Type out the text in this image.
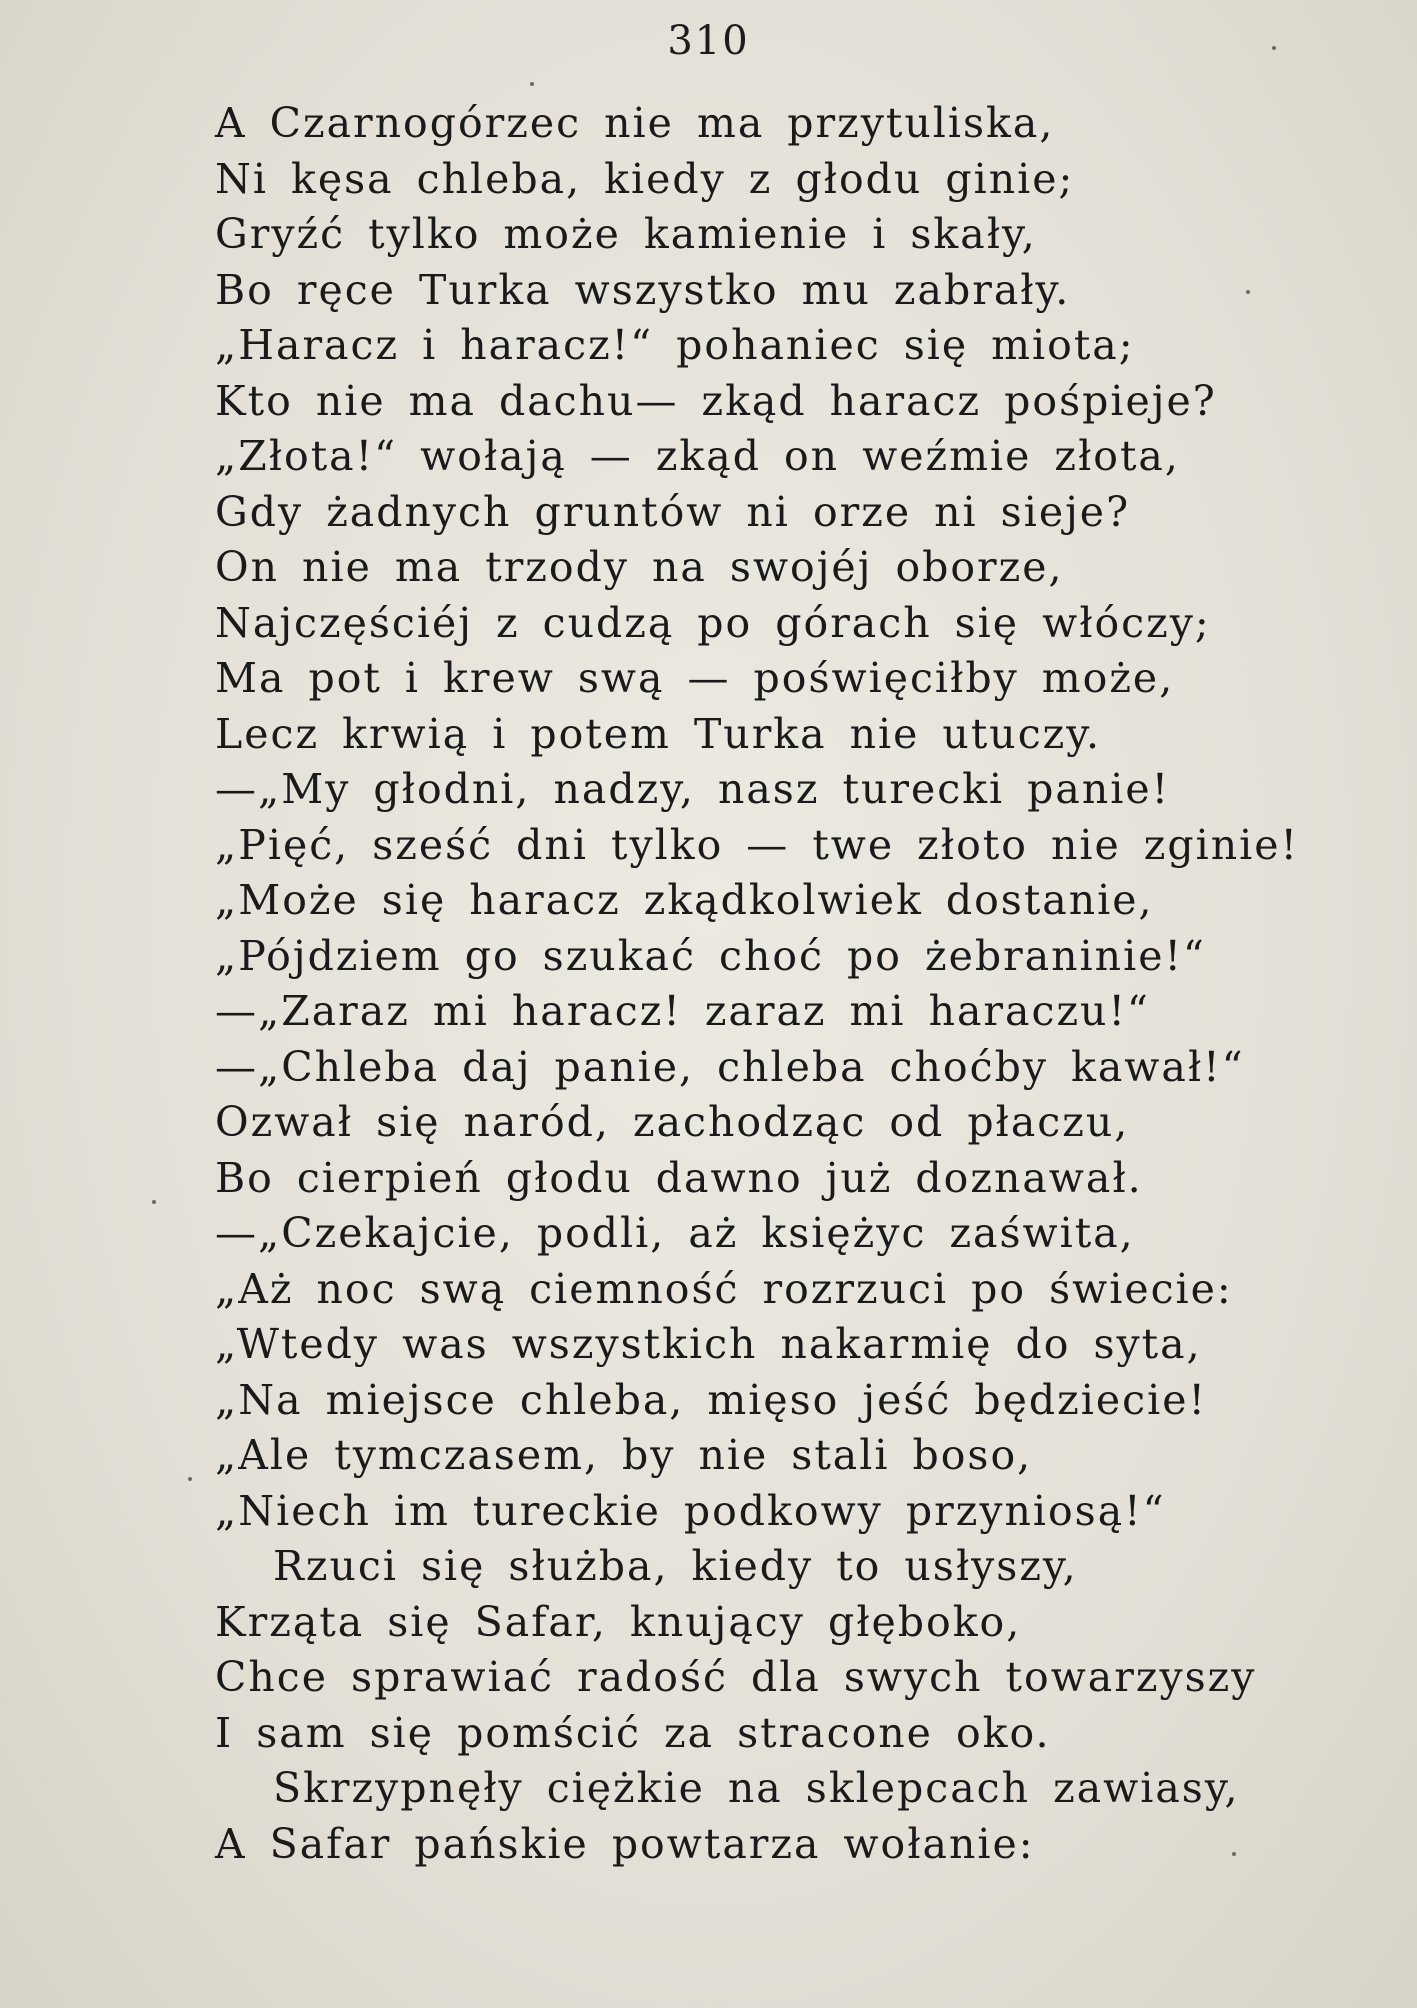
310
A Czarnogórzec nie ma przytuliska,
Ni kęsa chleba, kiedy z głodu ginie;
Gryźć tylko może kamienie i skały,
Bo ręce Turka wszystko mu zabrały.
„Haracz i haracz!“ pohaniec się miota;
Kto nie ma dachu— zkąd haracz pośpieje?
„Złota!“ wołają — zkąd on weźmie złota,
Gdy żadnych gruntów ni orze ni sieje?
On nie ma trzody na swojéj oborze,
Najczęściéj z cudzą po górach się włóczy;
Ma pot i krew swą — poświęciłby może,
Lecz krwią i potem Turka nie utuczy.
—„My głodni, nadzy, nasz turecki panie!
„Pięć, sześć dni tylko — twe złoto nie zginie!
„Może się haracz zkądkolwiek dostanie,
„Pójdziem go szukać choć po żebraninie!“
—„Zaraz mi haracz! zaraz mi haraczu!“
—„Chleba daj panie, chleba choćby kawał!“
Ozwał się naród, zachodząc od płaczu,
Bo cierpień głodu dawno już doznawał.
—„Czekajcie, podli, aż księżyc zaświta,
„Aż noc swą ciemność rozrzuci po świecie:
„Wtedy was wszystkich nakarmię do syta,
„Na miejsce chleba, mięso jeść będziecie!
„Ale tymczasem, by nie stali boso,
„Niech im tureckie podkowy przyniosą!“
Rzuci się służba, kiedy to usłyszy,
Krząta się Safar, knujący głęboko,
Chce sprawiać radość dla swych towarzyszy
I sam się pomścić za stracone oko.
Skrzypnęły ciężkie na sklepcach zawiasy,
A Safar pańskie powtarza wołanie:
